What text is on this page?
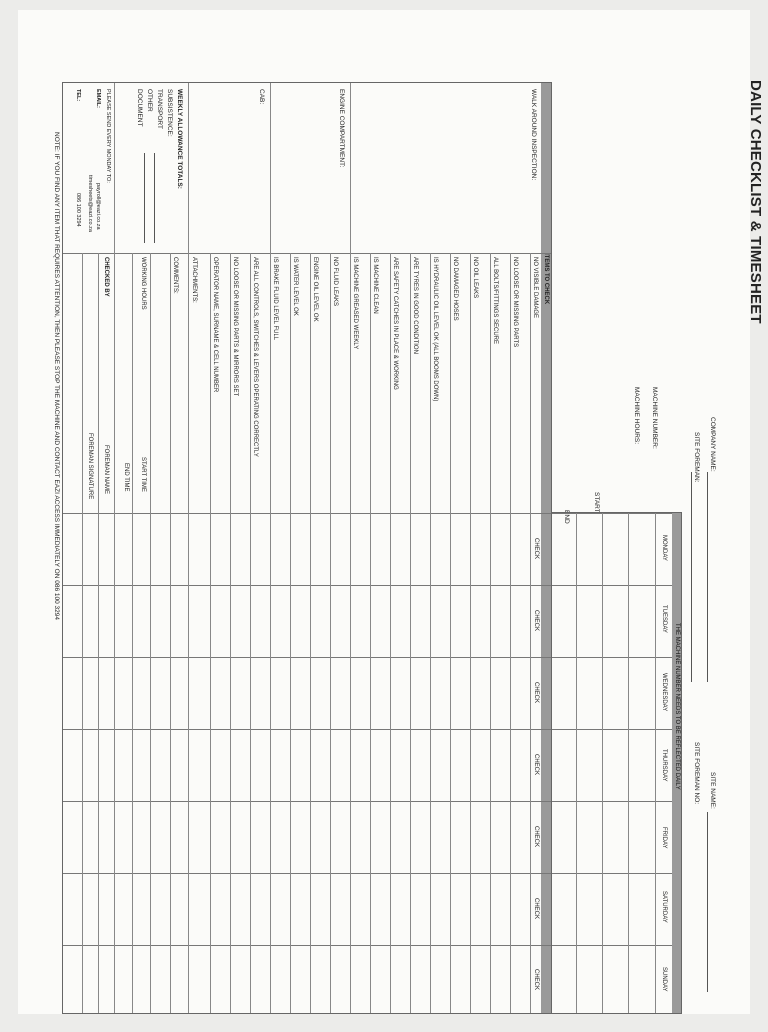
DAILY CHECKLIST & TIMESHEET
COMPANY NAME:
SITE FOREMAN:
SITE NAME:
SITE FOREMAN NO:
MACHINE NUMBER:
MACHINE HOURS:
START
END
THE MACHINE NUMBER NEEDS TO BE REFLECTED DAILY
MONDAY
TUESDAY
WEDNESDAY
THURSDAY
FRIDAY
SATURDAY
SUNDAY
ITEMS TO CHECK
CHECK
CHECK
CHECK
CHECK
CHECK
CHECK
CHECK
WALK AROUND INSPECTION:
ENGINE COMPARTMENT:
CAB:
NO VISIBLE DAMAGE
NO LOOSE OR MISSING PARTS
ALL BOLTS/FITTINGS SECURE
NO OIL LEAKS
NO DAMAGED HOSES
IS HYDRAULIC OIL LEVEL OK (ALL BOOMS DOWN)
ARE TYRES IN GOOD CONDITION
ARE SAFETY CATCHES IN PLACE & WORKING
IS MACHINE CLEAN
IS MACHINE GREASED WEEKLY
NO FLUID LEAKS
ENGINE OIL LEVEL OK
IS WATER LEVEL OK
IS BRAKE FLUID LEVEL FULL
ARE ALL CONTROLS, SWITCHES & LEVERS OPERATING CORRECTLY
NO LOOSE OR MISSING PARTS & MIRRORS SET
OPERATOR NAME, SURNAME & CELL NUMBER
ATTACHMENTS:
COMMENTS:
WORKING HOURS
START TIME
END TIME
CHECKED BY
FOREMAN NAME
FOREMAN SIGNATURE
WEEKLY ALLOWANCE TOTALS:
SUBSISTENCE:
TRANSPORT
OTHER
DOCUMENT
PLEASE SEND EVERY MONDAY TO:
EMAIL:
payroll@eazi.co.za
timesheets@eazi.co.za
TEL:
086 100 3294
NOTE: IF YOU FIND ANY ITEM THAT REQUIRES ATTENTION, THEN PLEASE STOP THE MACHINE AND CONTACT EAZI ACCESS IMMEDIATELY ON 086 100 3294
